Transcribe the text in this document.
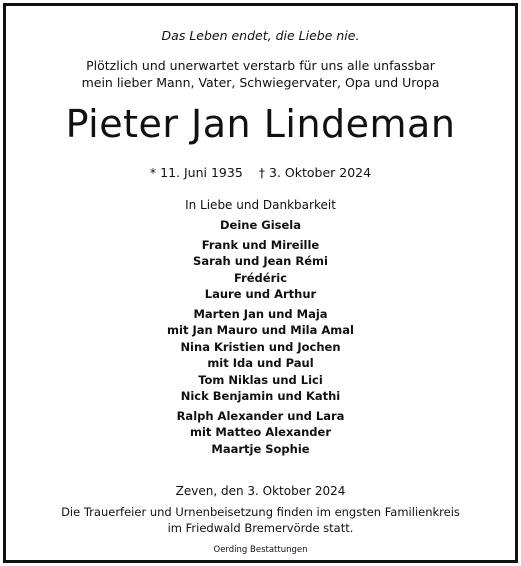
Das Leben endet, die Liebe nie.
Plötzlich und unerwartet verstarb für uns alle unfassbar
mein lieber Mann, Vater, Schwiegervater, Opa und Uropa
Pieter Jan Lindeman
* 11. Juni 1935 † 3. Oktober 2024
In Liebe und Dankbarkeit
Deine Gisela
Frank und Mireille
Sarah und Jean Rémi
Frédéric
Laure und Arthur
Marten Jan und Maja
mit Jan Mauro und Mila Amal
Nina Kristien und Jochen
mit Ida und Paul
Tom Niklas und Lici
Nick Benjamin und Kathi
Ralph Alexander und Lara
mit Matteo Alexander
Maartje Sophie
Zeven, den 3. Oktober 2024
Die Trauerfeier und Urnenbeisetzung finden im engsten Familienkreis
im Friedwald Bremervörde statt.
Oerding Bestattungen
